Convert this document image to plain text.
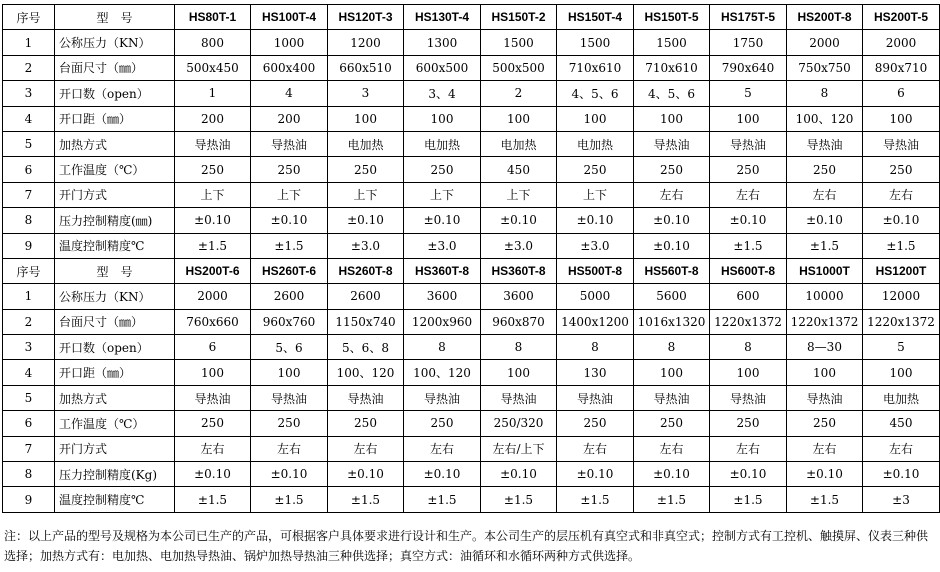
序号	型　号	HS80T-1	HS100T-4	HS120T-3	HS130T-4	HS150T-2	HS150T-4	HS150T-5	HS175T-5	HS200T-8	HS200T-5
1	公称压力（KN）	800	1000	1200	1300	1500	1500	1500	1750	2000	2000
2	台面尺寸（㎜）	500x450	600x400	660x510	600x500	500x500	710x610	710x610	790x640	750x750	890x710
3	开口数（open）	1	4	3	3、4	2	4、5、6	4、5、6	5	8	6
4	开口距（㎜）	200	200	100	100	100	100	100	100	100、120	100
5	加热方式	导热油	导热油	电加热	电加热	电加热	电加热	导热油	导热油	导热油	导热油
6	工作温度（℃）	250	250	250	250	450	250	250	250	250	250
7	开门方式	上下	上下	上下	上下	上下	上下	左右	左右	左右	左右
8	压力控制精度(㎜)	±0.10	±0.10	±0.10	±0.10	±0.10	±0.10	±0.10	±0.10	±0.10	±0.10
9	温度控制精度℃	±1.5	±1.5	±3.0	±3.0	±3.0	±3.0	±0.10	±1.5	±1.5	±1.5
序号	型　号	HS200T-6	HS260T-6	HS260T-8	HS360T-8	HS360T-8	HS500T-8	HS560T-8	HS600T-8	HS1000T	HS1200T
1	公称压力（KN）	2000	2600	2600	3600	3600	5000	5600	600	10000	12000
2	台面尺寸（㎜）	760x660	960x760	1150x740	1200x960	960x870	1400x1200	1016x1320	1220x1372	1220x1372	1220x1372
3	开口数（open）	6	5、6	5、6、8	8	8	8	8	8	8—30	5
4	开口距（㎜）	100	100	100、120	100、120	100	130	100	100	100	100
5	加热方式	导热油	导热油	导热油	导热油	导热油	导热油	导热油	导热油	导热油	电加热
6	工作温度（℃）	250	250	250	250	250/320	250	250	250	250	450
7	开门方式	左右	左右	左右	左右	左右/上下	左右	左右	左右	左右	左右
8	压力控制精度(Kg)	±0.10	±0.10	±0.10	±0.10	±0.10	±0.10	±0.10	±0.10	±0.10	±0.10
9	温度控制精度℃	±1.5	±1.5	±1.5	±1.5	±1.5	±1.5	±1.5	±1.5	±1.5	±3
注：以上产品的型号及规格为本公司已生产的产品，可根据客户具体要求进行设计和生产。本公司生产的层压机有真空式和非真空式；控制方式有工控机、触摸屏、仪表三种供选择；加热方式有：电加热、电加热导热油、锅炉加热导热油三种供选择；真空方式：油循环和水循环两种方式供选择。
